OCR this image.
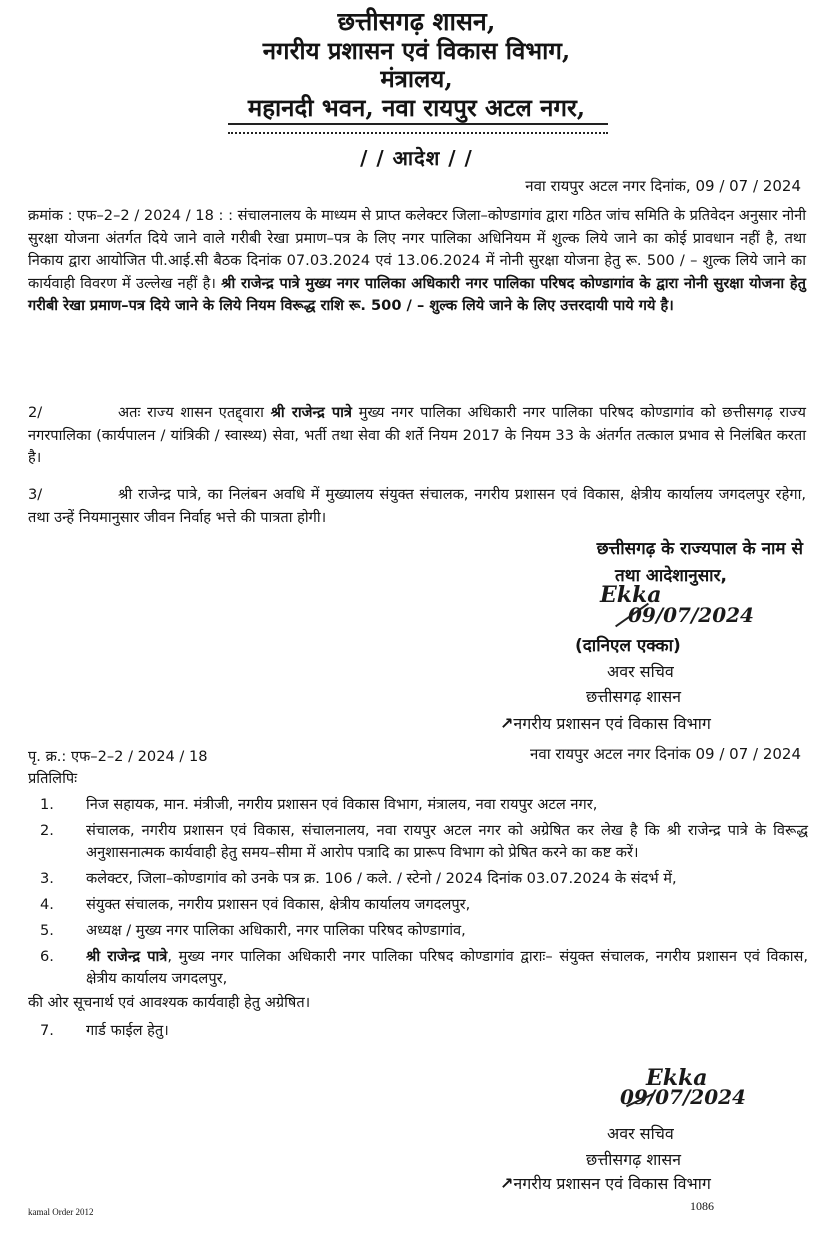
छत्तीसगढ़ शासन,
नगरीय प्रशासन एवं विकास विभाग,
मंत्रालय,
महानदी भवन, नवा रायपुर अटल नगर,
/ / आदेश / /
नवा रायपुर अटल नगर दिनांक, 09 / 07 / 2024
क्रमांक : एफ–2–2 / 2024 / 18 : : संचालनालय के माध्यम से प्राप्त कलेक्टर जिला–कोण्डागांव द्वारा गठित जांच समिति के प्रतिवेदन अनुसार नोनी सुरक्षा योजना अंतर्गत दिये जाने वाले गरीबी रेखा प्रमाण–पत्र के लिए नगर पालिका अधिनियम में शुल्क लिये जाने का कोई प्रावधान नहीं है, तथा निकाय द्वारा आयोजित पी.आई.सी बैठक दिनांक 07.03.2024 एवं 13.06.2024 में नोनी सुरक्षा योजना हेतु रू. 500 / – शुल्क लिये जाने का कार्यवाही विवरण में उल्लेख नहीं है। श्री राजेन्द्र पात्रे मुख्य नगर पालिका अधिकारी नगर पालिका परिषद कोण्डागांव के द्वारा नोनी सुरक्षा योजना हेतु गरीबी रेखा प्रमाण–पत्र दिये जाने के लिये नियम विरूद्ध राशि रू. 500 / – शुल्क लिये जाने के लिए उत्तरदायी पाये गये है।
2/	अतः राज्य शासन एतद्द्वारा श्री राजेन्द्र पात्रे मुख्य नगर पालिका अधिकारी नगर पालिका परिषद कोण्डागांव को छत्तीसगढ़ राज्य नगरपालिका (कार्यपालन / यांत्रिकी / स्वास्थ्य) सेवा, भर्ती तथा सेवा की शर्ते नियम 2017 के नियम 33 के अंतर्गत तत्काल प्रभाव से निलंबित करता है।
3/	श्री राजेन्द्र पात्रे, का निलंबन अवधि में मुख्यालय संयुक्त संचालक, नगरीय प्रशासन एवं विकास, क्षेत्रीय कार्यालय जगदलपुर रहेगा, तथा उन्हें नियमानुसार जीवन निर्वाह भत्ते की पात्रता होगी।
छत्तीसगढ़ के राज्यपाल के नाम से
तथा आदेशानुसार,
Ekka
09/07/2024
(दानिएल एक्का)
अवर सचिव
छत्तीसगढ़ शासन
↗नगरीय प्रशासन एवं विकास विभाग
पृ. क्र.: एफ–2–2 / 2024 / 18	नवा रायपुर अटल नगर दिनांक 09 / 07 / 2024
प्रतिलिपिः
1.	निज सहायक, मान. मंत्रीजी, नगरीय प्रशासन एवं विकास विभाग, मंत्रालय, नवा रायपुर अटल नगर,
2.	संचालक, नगरीय प्रशासन एवं विकास, संचालनालय, नवा रायपुर अटल नगर को अग्रेषित कर लेख है कि श्री राजेन्द्र पात्रे के विरूद्ध अनुशासनात्मक कार्यवाही हेतु समय–सीमा में आरोप पत्रादि का प्रारूप विभाग को प्रेषित करने का कष्ट करें।
3.	कलेक्टर, जिला–कोण्डागांव को उनके पत्र क्र. 106 / कले. / स्टेनो / 2024 दिनांक 03.07.2024 के संदर्भ में,
4.	संयुक्त संचालक, नगरीय प्रशासन एवं विकास, क्षेत्रीय कार्यालय जगदलपुर,
5.	अध्यक्ष / मुख्य नगर पालिका अधिकारी, नगर पालिका परिषद कोण्डागांव,
6.	श्री राजेन्द्र पात्रे, मुख्य नगर पालिका अधिकारी नगर पालिका परिषद कोण्डागांव द्वाराः– संयुक्त संचालक, नगरीय प्रशासन एवं विकास, क्षेत्रीय कार्यालय जगदलपुर,
की ओर सूचनार्थ एवं आवश्यक कार्यवाही हेतु अग्रेषित।
7.	गार्ड फाईल हेतु।
Ekka
09/07/2024
अवर सचिव
छत्तीसगढ़ शासन
↗नगरीय प्रशासन एवं विकास विभाग
kamal Order 2012	1086
